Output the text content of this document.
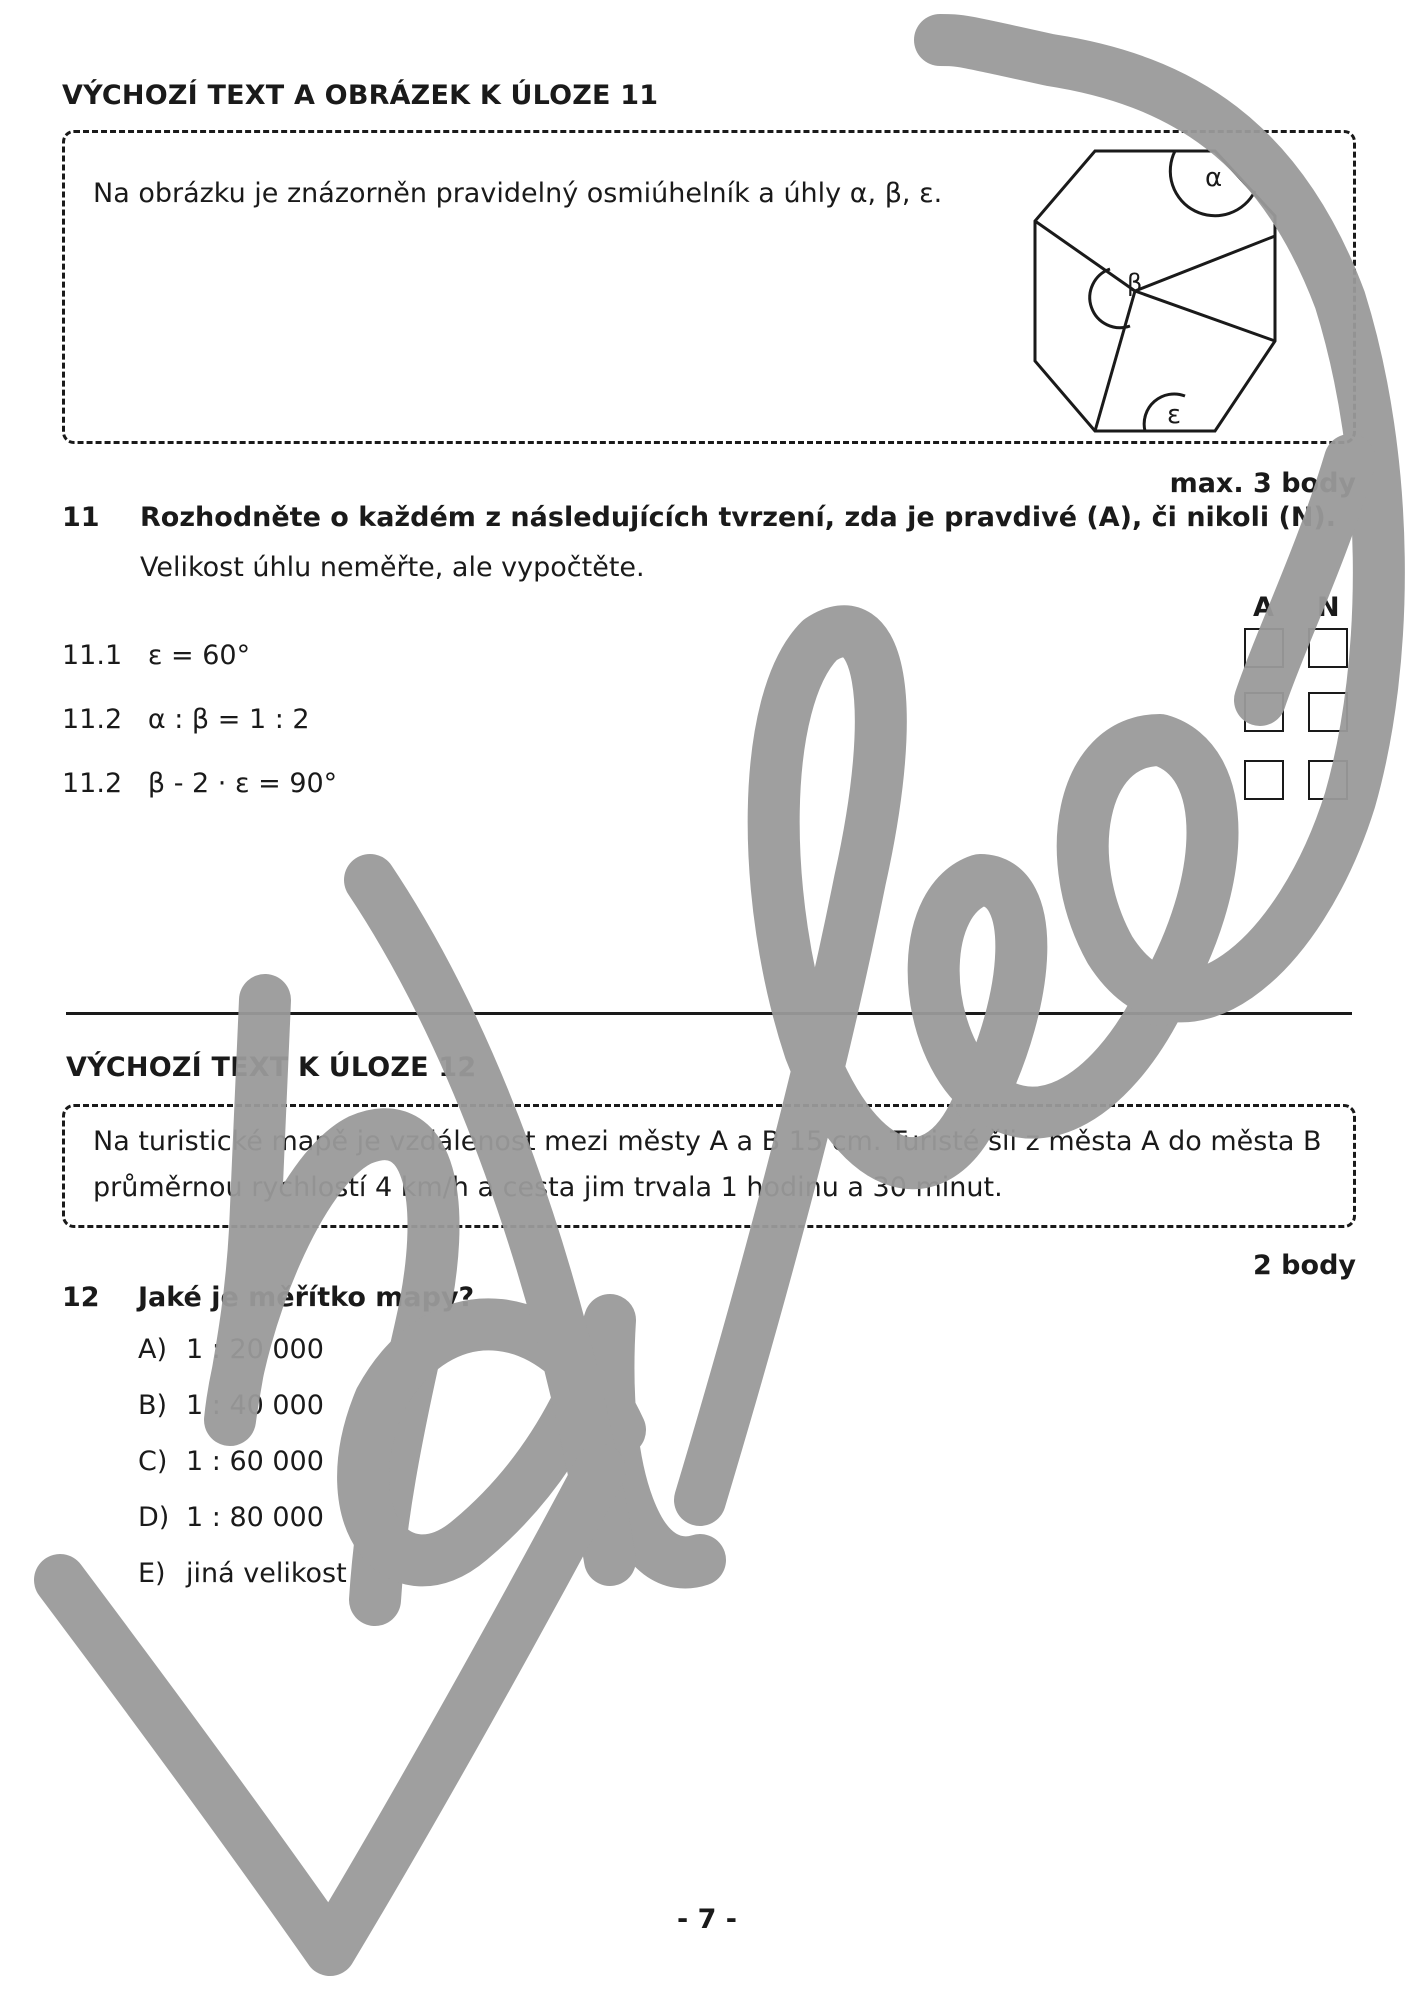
VÝCHOZÍ TEXT A OBRÁZEK K ÚLOZE 11
Na obrázku je znázorněn pravidelný osmiúhelník a úhly α, β, ε.	α
β
ε
max. 3 body
11 Rozhodněte o každém z následujících tvrzení, zda je pravdivé (A), či nikoli (N).
Velikost úhlu neměřte, ale vypočtěte.
A N
11.1 ε = 60°
11.2 α : β = 1 : 2
11.2 β - 2 · ε = 90°
VÝCHOZÍ TEXT K ÚLOZE 12
Na turistické mapě je vzdálenost mezi městy A a B 15 cm. Turisté šli z města A do města B
průměrnou rychlostí 4 km/h a cesta jim trvala 1 hodinu a 30 minut.
2 body
12 Jaké je měřítko mapy?
A) 1 : 20 000
B) 1 : 40 000
C) 1 : 60 000
D) 1 : 80 000
E) jiná velikost
- 7 -
